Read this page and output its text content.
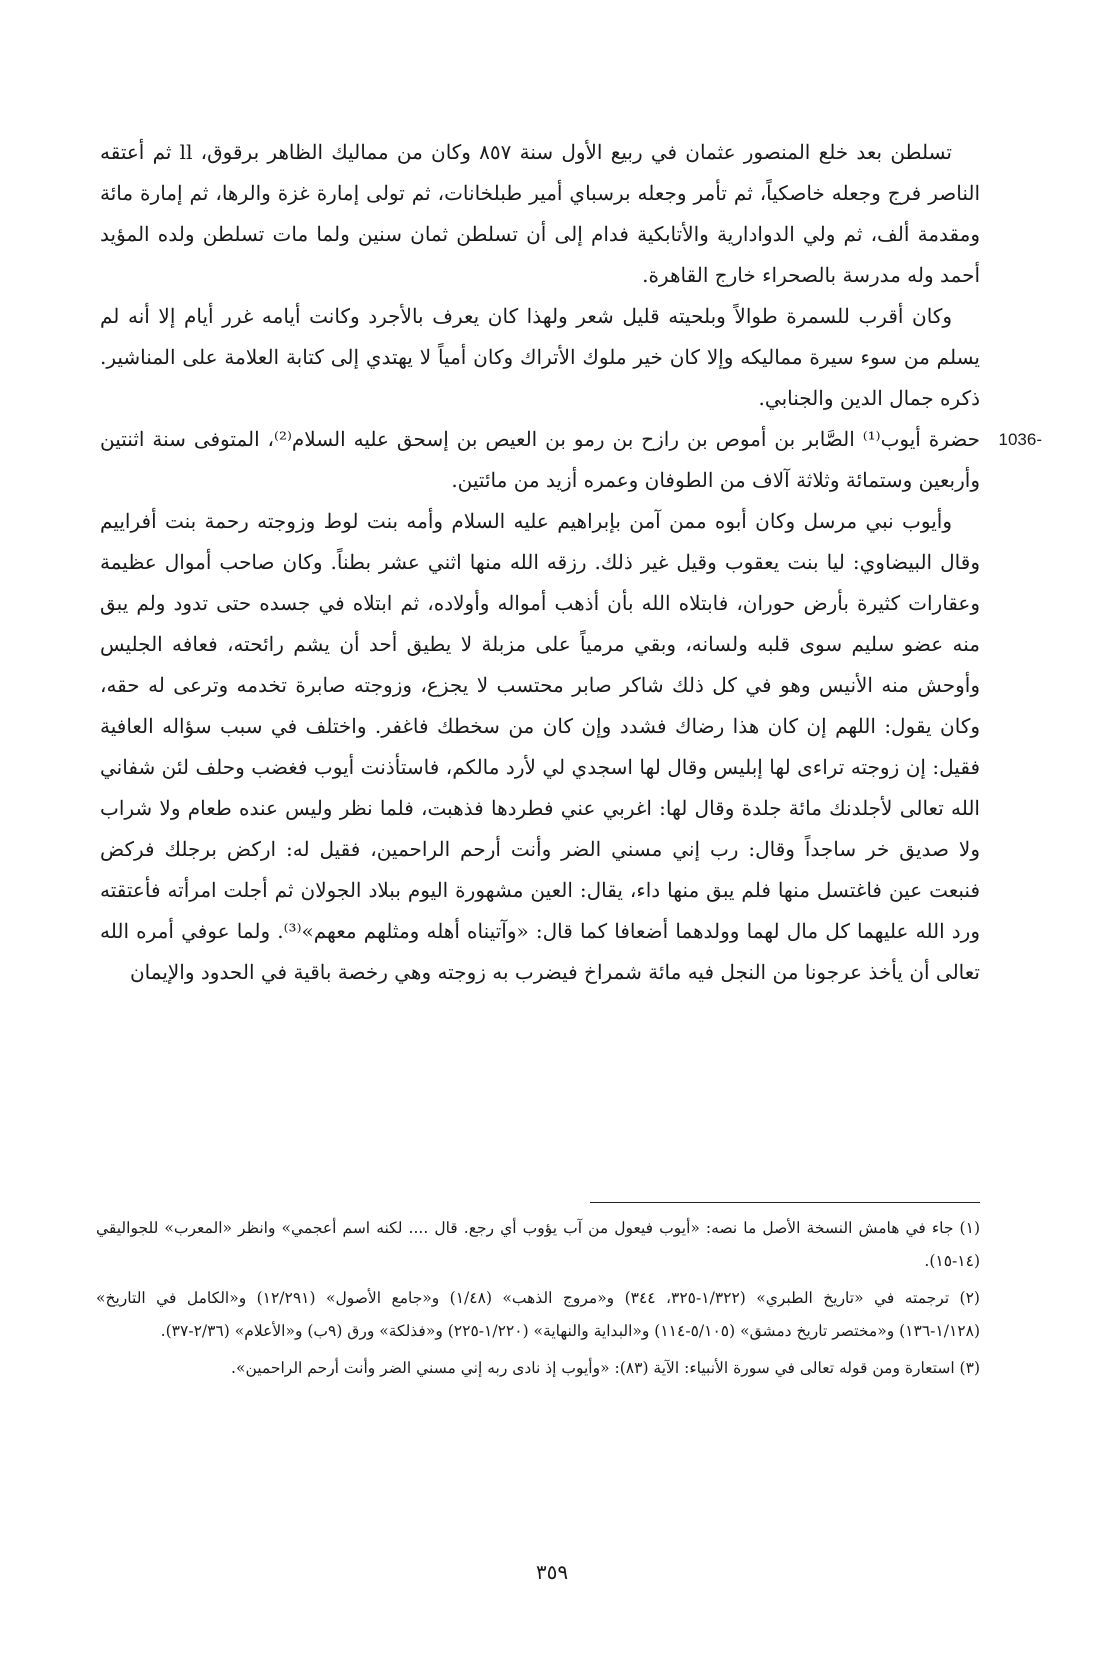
تسلطن بعد خلع المنصور عثمان في ربيع الأول سنة ٨٥٧ وكان من مماليك الظاهر برقوق، ll ثم أعتقه الناصر فرج وجعله خاصكياً، ثم تأمر وجعله برسباي أمير طبلخانات، ثم تولى إمارة غزة والرها، ثم إمارة مائة ومقدمة ألف، ثم ولي الدوادارية والأتابكية فدام إلى أن تسلطن ثمان سنين ولما مات تسلطن ولده المؤيد أحمد وله مدرسة بالصحراء خارج القاهرة.

وكان أقرب للسمرة طوالاً وبلحيته قليل شعر ولهذا كان يعرف بالأجرد وكانت أيامه غرر أيام إلا أنه لم يسلم من سوء سيرة مماليكه وإلا كان خير ملوك الأتراك وكان أمياً لا يهتدي إلى كتابة العلامة على المناشير. ذكره جمال الدين والجنابي.

1036 -

حضرة أيوب⁽¹⁾ الصَّابر بن أموص بن رازح بن رمو بن العيص بن إسحق عليه السلام⁽²⁾، المتوفى سنة اثنتين وأربعين وستمائة وثلاثة آلاف من الطوفان وعمره أزيد من مائتين.

وأيوب نبي مرسل وكان أبوه ممن آمن بإبراهيم عليه السلام وأمه بنت لوط وزوجته رحمة بنت أفراييم وقال البيضاوي: ليا بنت يعقوب وقيل غير ذلك. رزقه الله منها اثني عشر بطناً. وكان صاحب أموال عظيمة وعقارات كثيرة بأرض حوران، فابتلاه الله بأن أذهب أمواله وأولاده، ثم ابتلاه في جسده حتى تدود ولم يبق منه عضو سليم سوى قلبه ولسانه، وبقي مرمياً على مزبلة لا يطيق أحد أن يشم رائحته، فعافه الجليس وأوحش منه الأنيس وهو في كل ذلك شاكر صابر محتسب لا يجزع، وزوجته صابرة تخدمه وترعى له حقه، وكان يقول: اللهم إن كان هذا رضاك فشدد وإن كان من سخطك فاغفر. واختلف في سبب سؤاله العافية فقيل: إن زوجته تراءى لها إبليس وقال لها اسجدي لي لأرد مالكم، فاستأذنت أيوب فغضب وحلف لئن شفاني الله تعالى لأجلدنك مائة جلدة وقال لها: اغربي عني فطردها فذهبت، فلما نظر وليس عنده طعام ولا شراب ولا صديق خر ساجداً وقال: رب إني مسني الضر وأنت أرحم الراحمين، فقيل له: اركض برجلك فركض فنبعت عين فاغتسل منها فلم يبق منها داء، يقال: العين مشهورة اليوم ببلاد الجولان ثم أجلت امرأته فأعتقته ورد الله عليهما كل مال لهما وولدهما أضعافا كما قال: «وآتيناه أهله ومثلهم معهم»⁽³⁾. ولما عوفي أمره الله تعالى أن يأخذ عرجونا من النجل فيه مائة شمراخ فيضرب به زوجته وهي رخصة باقية في الحدود والإيمان

(١) جاء في هامش النسخة الأصل ما نصه: «أيوب فيعول من آب يؤوب أي رجع. قال .... لكنه اسم أعجمي» وانظر «المعرب» للجواليقي (١٤-١٥).

(٢) ترجمته في «تاريخ الطبري» (١/٣٢٢-٣٢٥، ٣٤٤) و«مروج الذهب» (١/٤٨) و«جامع الأصول» (١٢/٢٩١) و«الكامل في التاريخ» (١/١٢٨-١٣٦) و«مختصر تاريخ دمشق» (٥/١٠٥-١١٤) و«البداية والنهاية» (١/٢٢٠-٢٢٥) و«فذلكة» ورق (٩ب) و«الأعلام» (٢/٣٦-٣٧).

(٣) استعارة ومن قوله تعالى في سورة الأنبياء: الآية (٨٣): «وأيوب إذ نادى ربه إني مسني الضر وأنت أرحم الراحمين».

٣٥٩
